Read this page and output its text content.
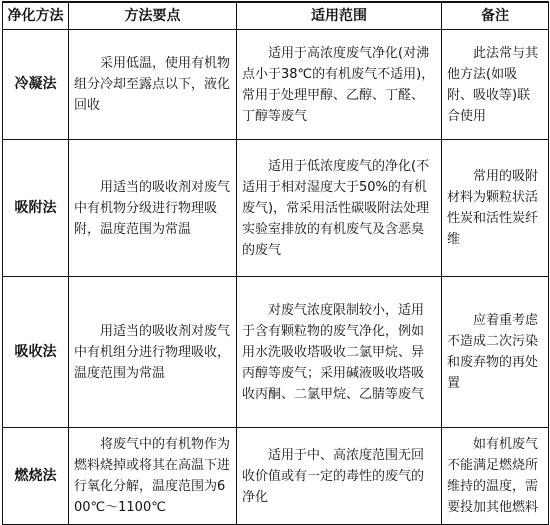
净化方法	方法要点	适用范围	备注
冷凝法	采用低温，使用有机物组分冷却至露点以下，液化回收	适用于高浓度废气净化(对沸点小于38℃的有机废气不适用)，常用于处理甲醇、乙醇、丁醛、丁醇等废气	此法常与其他方法(如吸附、吸收等)联合使用
吸附法	用适当的吸收剂对废气中有机物分级进行物理吸附，温度范围为常温	适用于低浓度废气的净化(不适用于相对湿度大于50%的有机废气)，常采用活性碳吸附法处理实验室排放的有机废气及含恶臭的废气	常用的吸附材料为颗粒状活性炭和活性炭纤维
吸收法	用适当的吸收剂对废气中有机组分进行物理吸收，温度范围为常温	对废气浓度限制较小，适用于含有颗粒物的废气净化，例如用水洗吸收塔吸收二氯甲烷、异丙醇等废气；采用碱液吸收塔吸收丙酮、二氯甲烷、乙腈等废气	应着重考虑不造成二次污染和废弃物的再处置
燃烧法	将废气中的有机物作为燃料烧掉或将其在高温下进行氧化分解，温度范围为600℃～1100℃	适用于中、高浓度范围无回收价值或有一定的毒性的废气的净化	如有机废气不能满足燃烧所维持的温度，需要投加其他燃料
